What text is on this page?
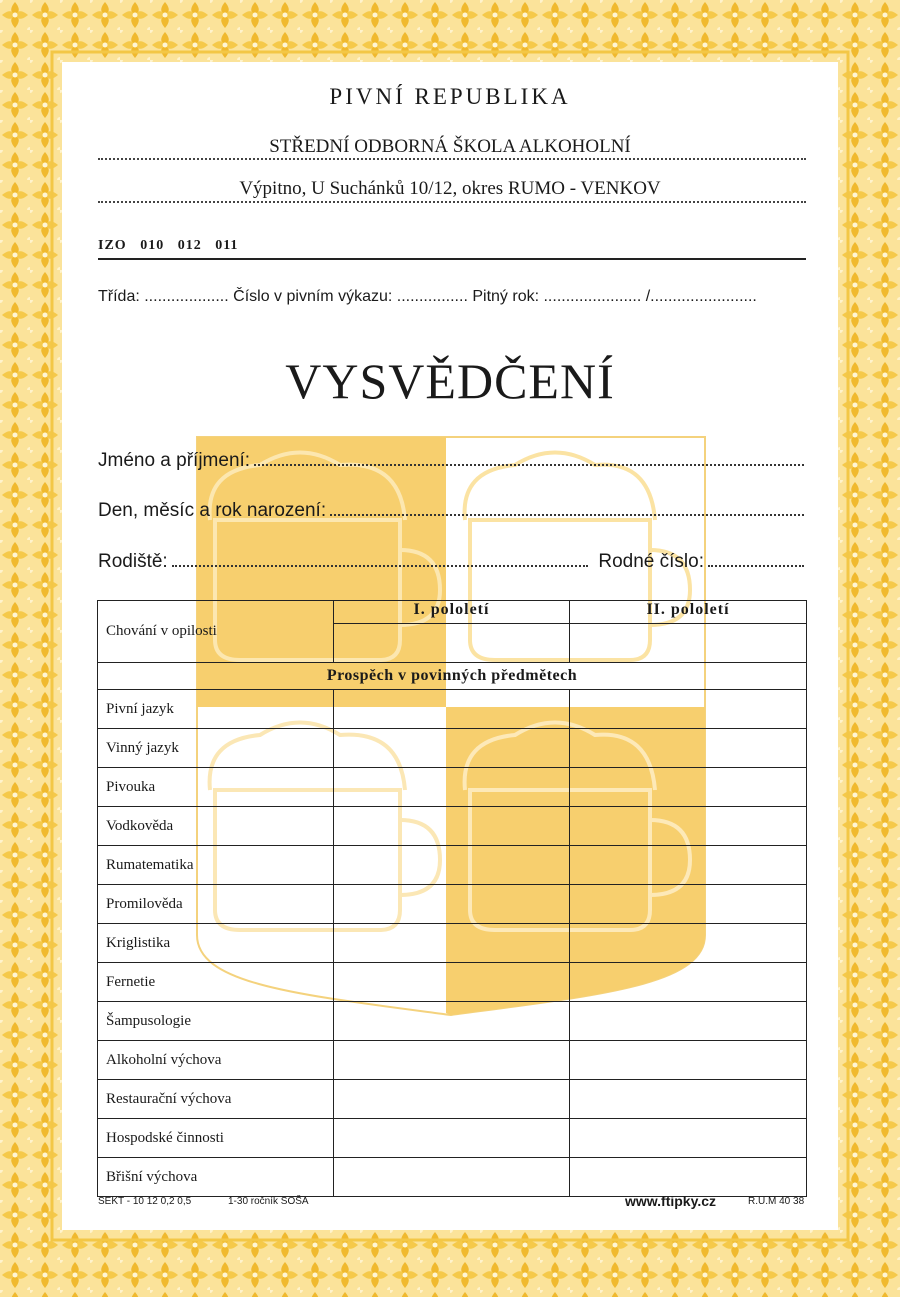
PIVNÍ REPUBLIKA
STŘEDNÍ ODBORNÁ ŠKOLA ALKOHOLNÍ
Výpitno, U Suchánků 10/12, okres RUMO - VENKOV
IZO 010 012 011
Třída: ................... Číslo v pivním výkazu: ................ Pitný rok: ...................... /........................
VYSVĚDČENÍ
Jméno a příjmení:
Den, měsíc a rok narození:
Rodiště:	Rodné číslo:
Chování v opilosti	I. pololetí	II. pololetí

Prospěch v povinných předmětech		
Pivní jazyk		
Vinný jazyk		
Pivouka		
Vodkověda		
Rumatematika		
Promilověda		
Kriglistika		
Fernetie		
Šampusologie		
Alkoholní výchova		
Restaurační výchova		
Hospodské činnosti		
Břišní výchova		
SEKT - 10 12 0,2 0,5	1-30 ročník SOŠA	www.ftipky.cz	R.U.M 40 38
